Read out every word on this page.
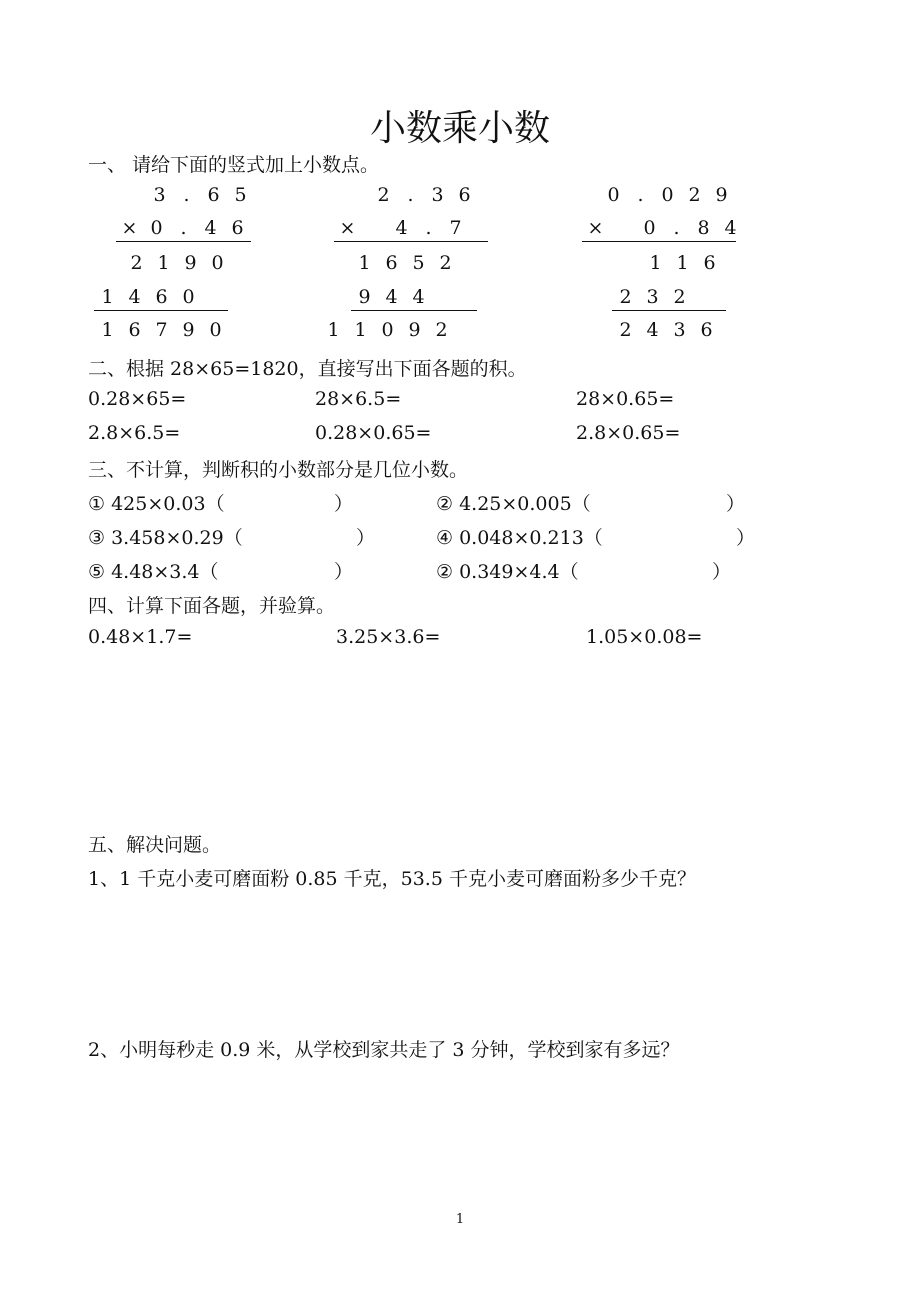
小数乘小数
一、 请给下面的竖式加上小数点。
3 . 6 5
× 0 . 4 6
2 1 9 0
1 4 6 0
1 6 7 9 0
2 . 3 6
× 4 . 7
1 6 5 2
9 4 4
1 1 0 9 2
0 . 0 2 9
× 0 . 8 4
1 1 6
2 3 2
2 4 3 6
二、根据 28×65=1820，直接写出下面各题的积。
0.28×65=	28×6.5=	28×0.65=
2.8×6.5=	0.28×0.65=	2.8×0.65=
三、不计算，判断积的小数部分是几位小数。
① 425×0.03（	）	② 4.25×0.005（	）
③ 3.458×0.29（	）	④ 0.048×0.213（	）
⑤ 4.48×3.4（	）	② 0.349×4.4（	）
四、计算下面各题，并验算。
0.48×1.7=	3.25×3.6=	1.05×0.08=
五、解决问题。
1、1 千克小麦可磨面粉 0.85 千克，53.5 千克小麦可磨面粉多少千克？
2、小明每秒走 0.9 米，从学校到家共走了 3 分钟，学校到家有多远？
1
